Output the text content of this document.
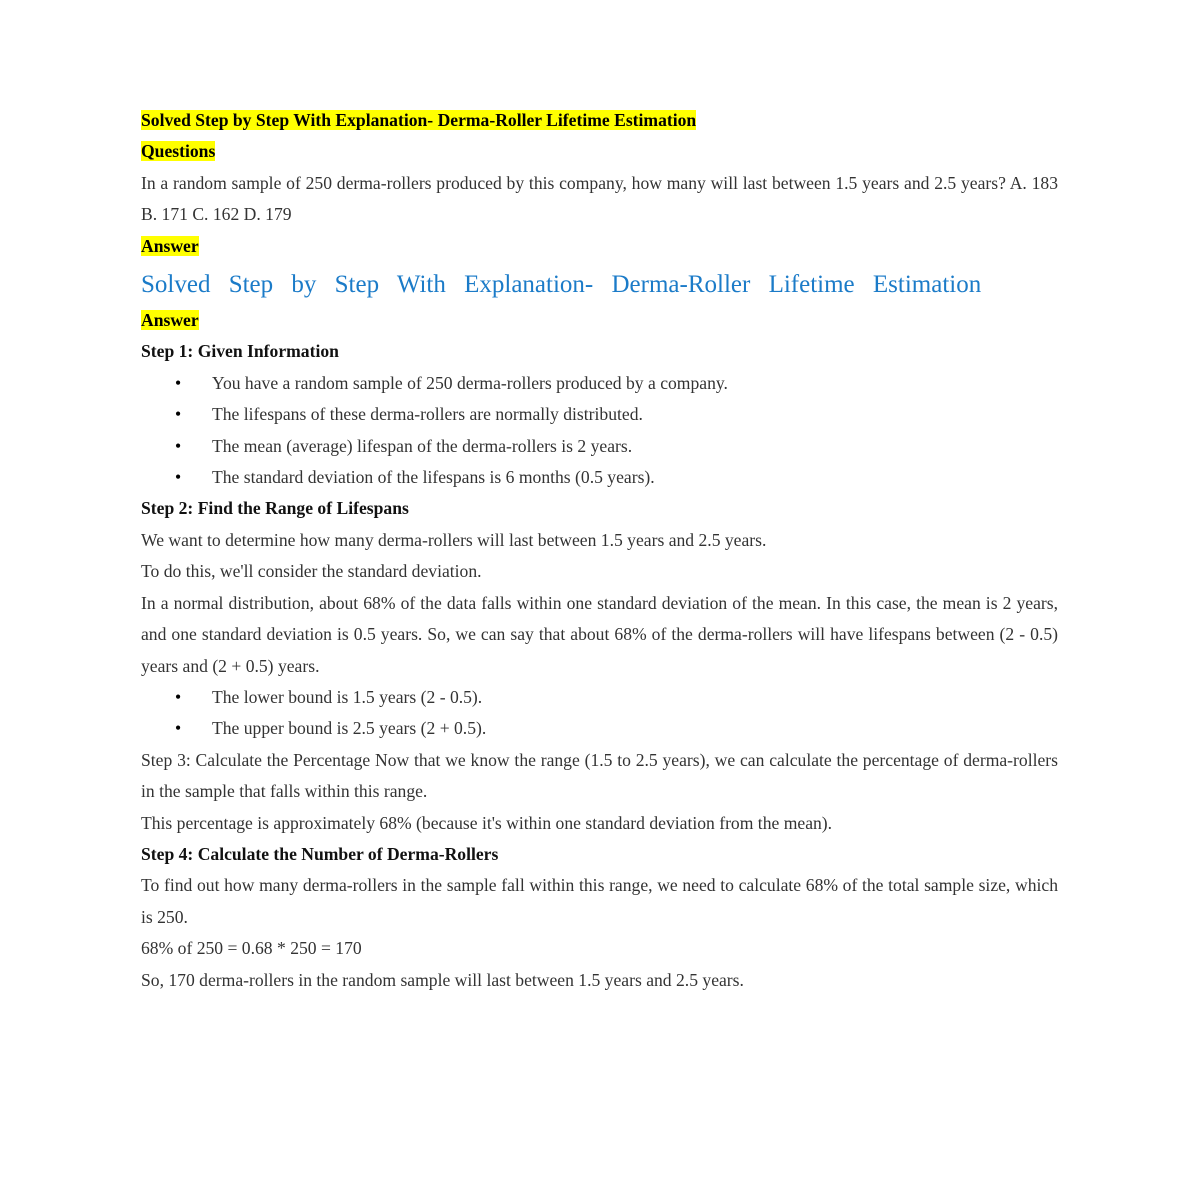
Solved Step by Step With Explanation- Derma-Roller Lifetime Estimation

Questions

In a random sample of 250 derma-rollers produced by this company, how many will last between 1.5 years and 2.5 years? A. 183 B. 171 C. 162 D. 179

Answer

Solved Step by Step With Explanation- Derma-Roller Lifetime Estimation

Answer

Step 1: Given Information

• You have a random sample of 250 derma-rollers produced by a company.
• The lifespans of these derma-rollers are normally distributed.
• The mean (average) lifespan of the derma-rollers is 2 years.
• The standard deviation of the lifespans is 6 months (0.5 years).

Step 2: Find the Range of Lifespans

We want to determine how many derma-rollers will last between 1.5 years and 2.5 years.

To do this, we'll consider the standard deviation.

In a normal distribution, about 68% of the data falls within one standard deviation of the mean. In this case, the mean is 2 years, and one standard deviation is 0.5 years. So, we can say that about 68% of the derma-rollers will have lifespans between (2 - 0.5) years and (2 + 0.5) years.

• The lower bound is 1.5 years (2 - 0.5).
• The upper bound is 2.5 years (2 + 0.5).

Step 3: Calculate the Percentage Now that we know the range (1.5 to 2.5 years), we can calculate the percentage of derma-rollers in the sample that falls within this range.

This percentage is approximately 68% (because it's within one standard deviation from the mean).

Step 4: Calculate the Number of Derma-Rollers

To find out how many derma-rollers in the sample fall within this range, we need to calculate 68% of the total sample size, which is 250.

68% of 250 = 0.68 * 250 = 170

So, 170 derma-rollers in the random sample will last between 1.5 years and 2.5 years.
